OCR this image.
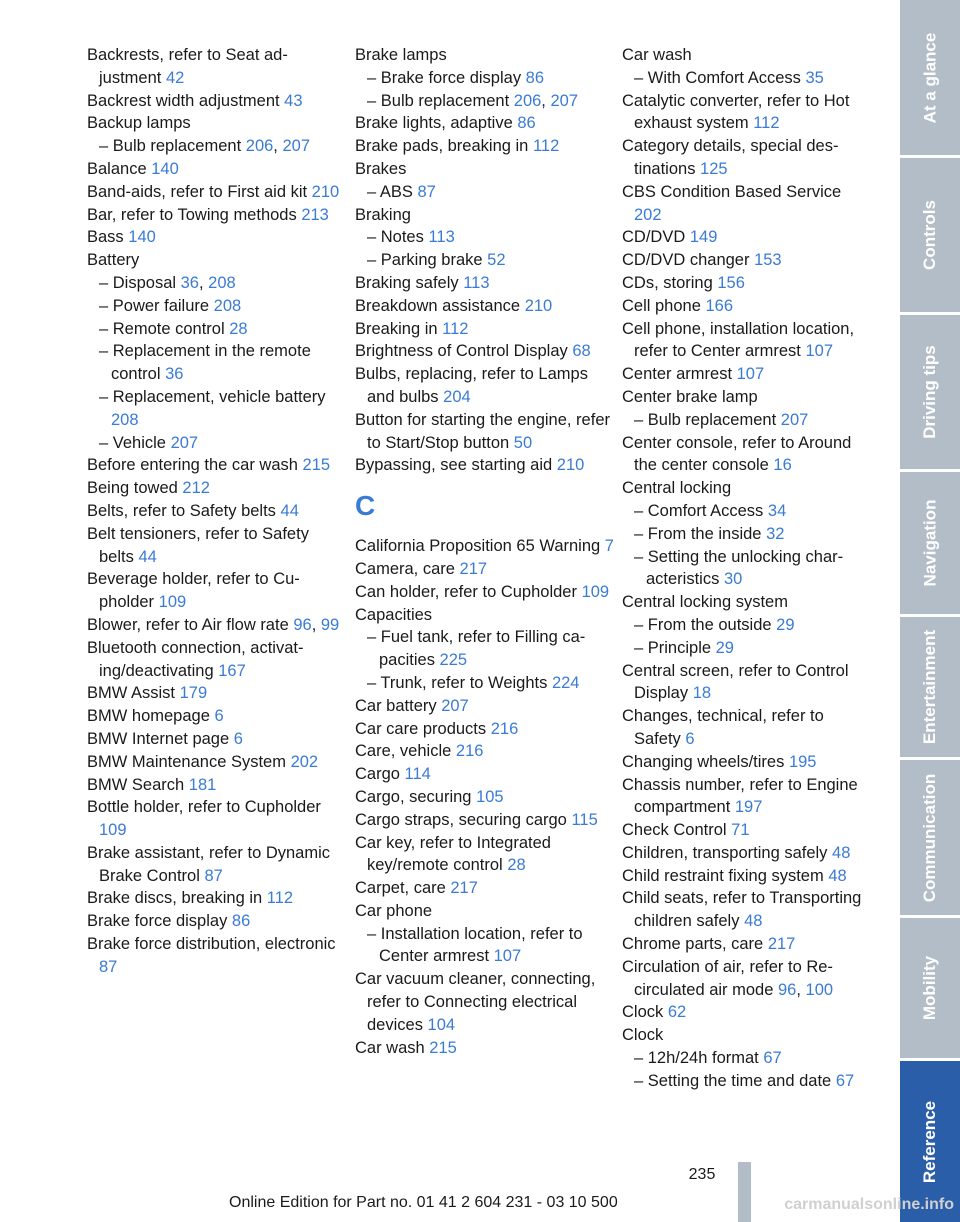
Backrests, refer to Seat adjustment 42
Backrest width adjustment 43
Backup lamps
– Bulb replacement 206, 207
Balance 140
Band-aids, refer to First aid kit 210
Bar, refer to Towing methods 213
Bass 140
Battery
– Disposal 36, 208
– Power failure 208
– Remote control 28
– Replacement in the remote control 36
– Replacement, vehicle battery 208
– Vehicle 207
Before entering the car wash 215
Being towed 212
Belts, refer to Safety belts 44
Belt tensioners, refer to Safety belts 44
Beverage holder, refer to Cupholder 109
Blower, refer to Air flow rate 96, 99
Bluetooth connection, activating/deactivating 167
BMW Assist 179
BMW homepage 6
BMW Internet page 6
BMW Maintenance System 202
BMW Search 181
Bottle holder, refer to Cupholder 109
Brake assistant, refer to Dynamic Brake Control 87
Brake discs, breaking in 112
Brake force display 86
Brake force distribution, electronic 87
Brake lamps
– Brake force display 86
– Bulb replacement 206, 207
Brake lights, adaptive 86
Brake pads, breaking in 112
Brakes
– ABS 87
Braking
– Notes 113
– Parking brake 52
Braking safely 113
Breakdown assistance 210
Breaking in 112
Brightness of Control Display 68
Bulbs, replacing, refer to Lamps and bulbs 204
Button for starting the engine, refer to Start/Stop button 50
Bypassing, see starting aid 210
C
California Proposition 65 Warning 7
Camera, care 217
Can holder, refer to Cupholder 109
Capacities
– Fuel tank, refer to Filling capacities 225
– Trunk, refer to Weights 224
Car battery 207
Car care products 216
Care, vehicle 216
Cargo 114
Cargo, securing 105
Cargo straps, securing cargo 115
Car key, refer to Integrated key/remote control 28
Carpet, care 217
Car phone
– Installation location, refer to Center armrest 107
Car vacuum cleaner, connecting, refer to Connecting electrical devices 104
Car wash 215
Car wash
– With Comfort Access 35
Catalytic converter, refer to Hot exhaust system 112
Category details, special destinations 125
CBS Condition Based Service 202
CD/DVD 149
CD/DVD changer 153
CDs, storing 156
Cell phone 166
Cell phone, installation location, refer to Center armrest 107
Center armrest 107
Center brake lamp
– Bulb replacement 207
Center console, refer to Around the center console 16
Central locking
– Comfort Access 34
– From the inside 32
– Setting the unlocking characteristics 30
Central locking system
– From the outside 29
– Principle 29
Central screen, refer to Control Display 18
Changes, technical, refer to Safety 6
Changing wheels/tires 195
Chassis number, refer to Engine compartment 197
Check Control 71
Children, transporting safely 48
Child restraint fixing system 48
Child seats, refer to Transporting children safely 48
Chrome parts, care 217
Circulation of air, refer to Recirculated air mode 96, 100
Clock 62
Clock
– 12h/24h format 67
– Setting the time and date 67
At a glance
Controls
Driving tips
Navigation
Entertainment
Communication
Mobility
Reference
235
Online Edition for Part no. 01 41 2 604 231 - 03 10 500	carmanualsonline.info
